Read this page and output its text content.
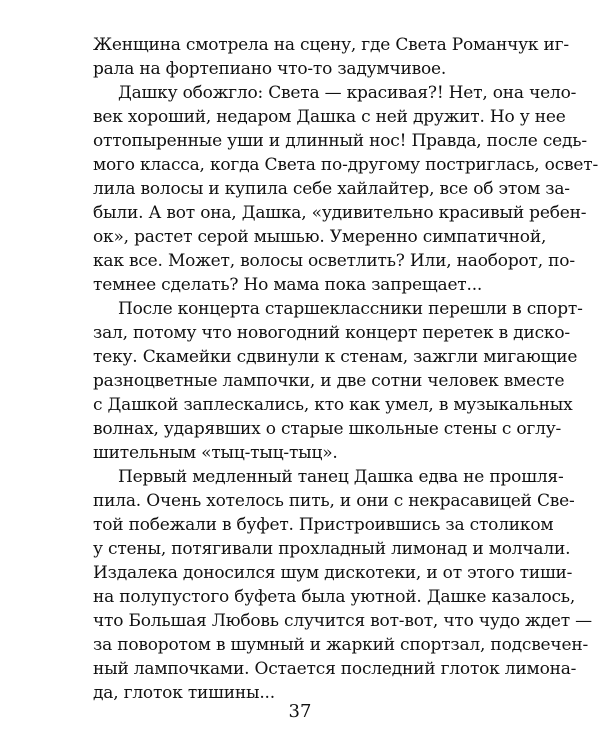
Женщина смотрела на сцену, где Света Романчук иг-
рала на фортепиано что-то задумчивое.
Дашку обожгло: Света — красивая?! Нет, она чело-
век хороший, недаром Дашка с ней дружит. Но у нее
оттопыренные уши и длинный нос! Правда, после седь-
мого класса, когда Света по-другому постриглась, освет-
лила волосы и купила себе хайлайтер, все об этом за-
были. А вот она, Дашка, «удивительно красивый ребен-
ок», растет серой мышью. Умеренно симпатичной,
как все. Может, волосы осветлить? Или, наоборот, по-
темнее сделать? Но мама пока запрещает...
После концерта старшеклассники перешли в спорт-
зал, потому что новогодний концерт перетек в диско-
теку. Скамейки сдвинули к стенам, зажгли мигающие
разноцветные лампочки, и две сотни человек вместе
с Дашкой заплескались, кто как умел, в музыкальных
волнах, ударявших о старые школьные стены с оглу-
шительным «тыц-тыц-тыц».
Первый медленный танец Дашка едва не прошля-
пила. Очень хотелось пить, и они с некрасавицей Све-
той побежали в буфет. Пристроившись за столиком
у стены, потягивали прохладный лимонад и молчали.
Издалека доносился шум дискотеки, и от этого тиши-
на полупустого буфета была уютной. Дашке казалось,
что Большая Любовь случится вот-вот, что чудо ждет —
за поворотом в шумный и жаркий спортзал, подсвечен-
ный лампочками. Остается последний глоток лимона-
да, глоток тишины...
37
